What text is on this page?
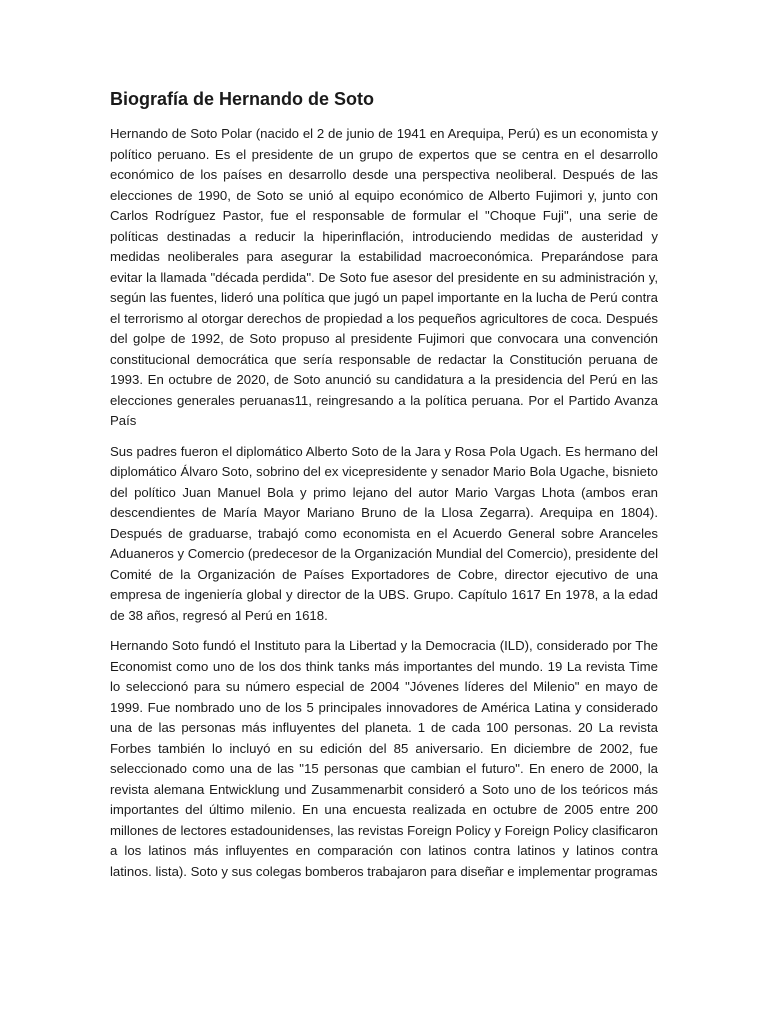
Biografía de Hernando de Soto

Hernando de Soto Polar (nacido el 2 de junio de 1941 en Arequipa, Perú) es un economista y político peruano. Es el presidente de un grupo de expertos que se centra en el desarrollo económico de los países en desarrollo desde una perspectiva neoliberal. Después de las elecciones de 1990, de Soto se unió al equipo económico de Alberto Fujimori y, junto con Carlos Rodríguez Pastor, fue el responsable de formular el "Choque Fuji", una serie de políticas destinadas a reducir la hiperinflación, introduciendo medidas de austeridad y medidas neoliberales para asegurar la estabilidad macroeconómica. Preparándose para evitar la llamada "década perdida". De Soto fue asesor del presidente en su administración y, según las fuentes, lideró una política que jugó un papel importante en la lucha de Perú contra el terrorismo al otorgar derechos de propiedad a los pequeños agricultores de coca. Después del golpe de 1992, de Soto propuso al presidente Fujimori que convocara una convención constitucional democrática que sería responsable de redactar la Constitución peruana de 1993. En octubre de 2020, de Soto anunció su candidatura a la presidencia del Perú en las elecciones generales peruanas11, reingresando a la política peruana. Por el Partido Avanza País

Sus padres fueron el diplomático Alberto Soto de la Jara y Rosa Pola Ugach. Es hermano del diplomático Álvaro Soto, sobrino del ex vicepresidente y senador Mario Bola Ugache, bisnieto del político Juan Manuel Bola y primo lejano del autor Mario Vargas Lhota (ambos eran descendientes de María Mayor Mariano Bruno de la Llosa Zegarra). Arequipa en 1804). Después de graduarse, trabajó como economista en el Acuerdo General sobre Aranceles Aduaneros y Comercio (predecesor de la Organización Mundial del Comercio), presidente del Comité de la Organización de Países Exportadores de Cobre, director ejecutivo de una empresa de ingeniería global y director de la UBS. Grupo. Capítulo 1617 En 1978, a la edad de 38 años, regresó al Perú en 1618.

Hernando Soto fundó el Instituto para la Libertad y la Democracia (ILD), considerado por The Economist como uno de los dos think tanks más importantes del mundo. 19 La revista Time lo seleccionó para su número especial de 2004 "Jóvenes líderes del Milenio" en mayo de 1999. Fue nombrado uno de los 5 principales innovadores de América Latina y considerado una de las personas más influyentes del planeta. 1 de cada 100 personas. 20 La revista Forbes también lo incluyó en su edición del 85 aniversario. En diciembre de 2002, fue seleccionado como una de las "15 personas que cambian el futuro". En enero de 2000, la revista alemana Entwicklung und Zusammenarbit consideró a Soto uno de los teóricos más importantes del último milenio. En una encuesta realizada en octubre de 2005 entre 200 millones de lectores estadounidenses, las revistas Foreign Policy y Foreign Policy clasificaron a los latinos más influyentes en comparación con latinos contra latinos y latinos contra latinos. lista). Soto y sus colegas bomberos trabajaron para diseñar e implementar programas
